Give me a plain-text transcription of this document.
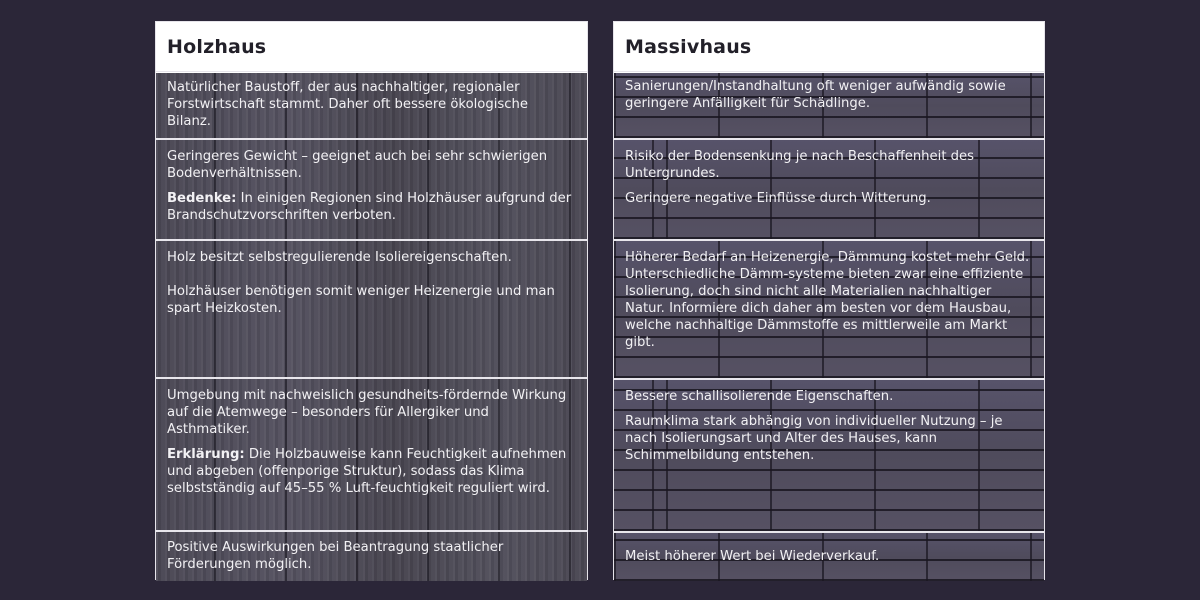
Holzhaus

Natürlicher Baustoff, der aus nachhaltiger, regionaler Forstwirtschaft stammt. Daher oft bessere ökologische Bilanz.

Geringeres Gewicht – geeignet auch bei sehr schwierigen Bodenverhältnissen.

Bedenke: In einigen Regionen sind Holzhäuser aufgrund der Brandschutzvorschriften verboten.

Holz besitzt selbstregulierende Isoliereigenschaften.

Holzhäuser benötigen somit weniger Heizenergie und man spart Heizkosten.

Umgebung mit nachweislich gesundheits-fördernde Wirkung auf die Atemwege – besonders für Allergiker und Asthmatiker.

Erklärung: Die Holzbauweise kann Feuchtigkeit aufnehmen und abgeben (offenporige Struktur), sodass das Klima selbstständig auf 45–55 % Luft-feuchtigkeit reguliert wird.

Positive Auswirkungen bei Beantragung staatlicher Förderungen möglich.

Massivhaus

Sanierungen/Instandhaltung oft weniger aufwändig sowie geringere Anfälligkeit für Schädlinge.

Risiko der Bodensenkung je nach Beschaffenheit des Untergrundes.

Geringere negative Einflüsse durch Witterung.

Höherer Bedarf an Heizenergie, Dämmung kostet mehr Geld. Unterschiedliche Dämm-systeme bieten zwar eine effiziente Isolierung, doch sind nicht alle Materialien nachhaltiger Natur. Informiere dich daher am besten vor dem Hausbau, welche nachhaltige Dämmstoffe es mittlerweile am Markt gibt.

Bessere schallisolierende Eigenschaften.

Raumklima stark abhängig von individueller Nutzung – je nach Isolierungsart und Alter des Hauses, kann Schimmelbildung entstehen.

Meist höherer Wert bei Wiederverkauf.
